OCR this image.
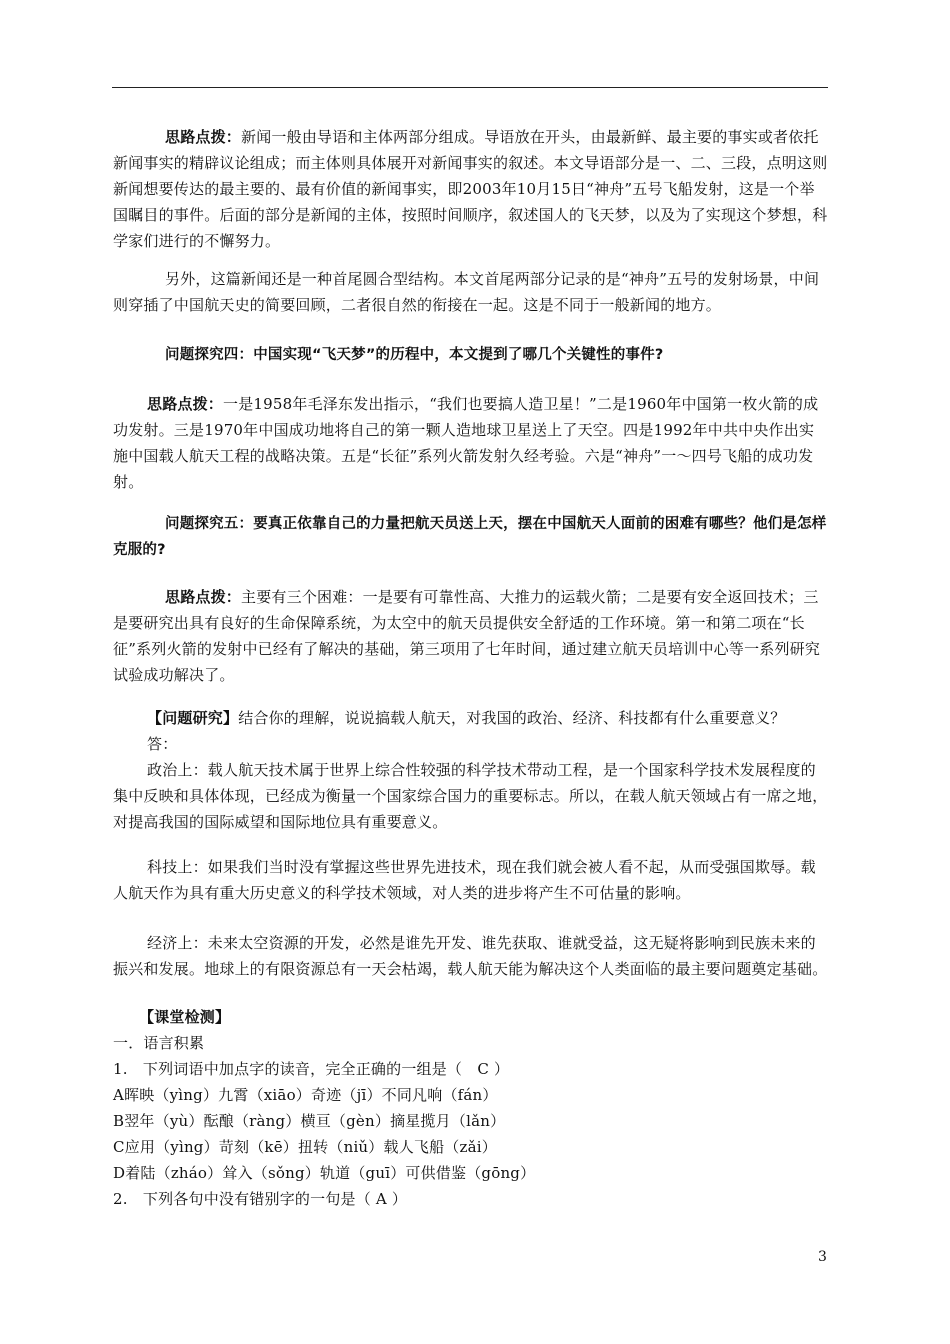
思路点拨：新闻一般由导语和主体两部分组成。导语放在开头，由最新鲜、最主要的事实或者依托新闻事实的精辟议论组成；而主体则具体展开对新闻事实的叙述。本文导语部分是一、二、三段，点明这则新闻想要传达的最主要的、最有价值的新闻事实，即2003年10月15日“神舟”五号飞船发射，这是一个举国瞩目的事件。后面的部分是新闻的主体，按照时间顺序，叙述国人的飞天梦，以及为了实现这个梦想，科学家们进行的不懈努力。

另外，这篇新闻还是一种首尾圆合型结构。本文首尾两部分记录的是“神舟”五号的发射场景，中间则穿插了中国航天史的简要回顾，二者很自然的衔接在一起。这是不同于一般新闻的地方。

问题探究四：中国实现“飞天梦”的历程中，本文提到了哪几个关键性的事件?

思路点拨：一是1958年毛泽东发出指示，“我们也要搞人造卫星！”二是1960年中国第一枚火箭的成功发射。三是1970年中国成功地将自己的第一颗人造地球卫星送上了天空。四是1992年中共中央作出实施中国载人航天工程的战略决策。五是“长征”系列火箭发射久经考验。六是“神舟”一～四号飞船的成功发射。

问题探究五：要真正依靠自己的力量把航天员送上天，摆在中国航天人面前的困难有哪些？他们是怎样克服的?

思路点拨：主要有三个困难：一是要有可靠性高、大推力的运载火箭；二是要有安全返回技术；三是要研究出具有良好的生命保障系统，为太空中的航天员提供安全舒适的工作环境。第一和第二项在“长征”系列火箭的发射中已经有了解决的基础，第三项用了七年时间，通过建立航天员培训中心等一系列研究试验成功解决了。

【问题研究】结合你的理解，说说搞载人航天，对我国的政治、经济、科技都有什么重要意义？

答：

政治上：载人航天技术属于世界上综合性较强的科学技术带动工程，是一个国家科学技术发展程度的集中反映和具体体现，已经成为衡量一个国家综合国力的重要标志。所以，在载人航天领域占有一席之地，对提高我国的国际威望和国际地位具有重要意义。

科技上：如果我们当时没有掌握这些世界先进技术，现在我们就会被人看不起，从而受强国欺辱。载人航天作为具有重大历史意义的科学技术领域，对人类的进步将产生不可估量的影响。

经济上：未来太空资源的开发，必然是谁先开发、谁先获取、谁就受益，这无疑将影响到民族未来的振兴和发展。地球上的有限资源总有一天会枯竭，载人航天能为解决这个人类面临的最主要问题奠定基础。

【课堂检测】

一．语言积累

1.　下列词语中加点字的读音，完全正确的一组是（　C ）

A晖映（yìng）九霄（xiāo）奇迹（jī）不同凡响（fán）

B翌年（yù）酝酿（ràng）横亘（gèn）摘星揽月（lǎn）

C应用（yìng）苛刻（kē）扭转（niǔ）载人飞船（zǎi）

D着陆（zháo）耸入（sǒng）轨道（guī）可供借鉴（gōng）

2.　下列各句中没有错别字的一句是（ A ）

3
